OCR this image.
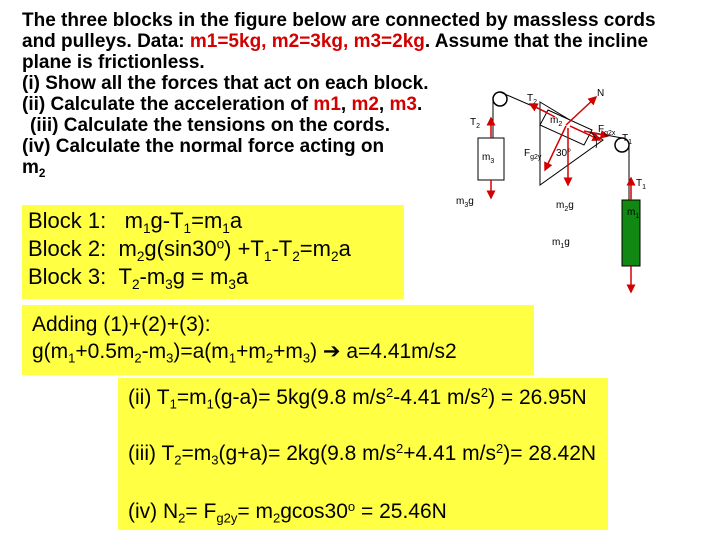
The three blocks in the figure below are connected by massless cords
and pulleys. Data: m1=5kg, m2=3kg, m3=2kg. Assume that the incline
plane is frictionless.
(i) Show all the forces that act on each block.
(ii) Calculate the acceleration of m1, m2, m3.
(iii) Calculate the tensions on the cords.
(iv) Calculate the normal force acting on
$m_2$
$T_2$
N
$T_2$
$m_2$	$F_{g2x}$ $T_1$
$m_3$
$F_{g2y}$ 30°
$T_1$
$m_3g$	$m_2g$
$m_1$
$m_1g$
Block 1:   $m_1g-T_1=m_1a$
Block 2:  $m_2g(\sin 30^o) +T_1-T_2=m_2a$
Block 3:  $T_2-m_3g = m_3a$
Adding (1)+(2)+(3):
$g(m_1+0.5m_2-m_3)=a(m_1+m_2+m_3)$ ➔ a=4.41m/s2
(ii) $T_1=m_1(g-a)= 5kg(9.8$ $m/s^2-4.41$ $m/s^2) = 26.95N$
(iii) $T_2=m_3(g+a)= 2kg(9.8$ $m/s^2+4.41$ $m/s^2)= 28.42N$
(iv) $N_2= F_{g2y}= m_2gcos30^o = 25.46N$
